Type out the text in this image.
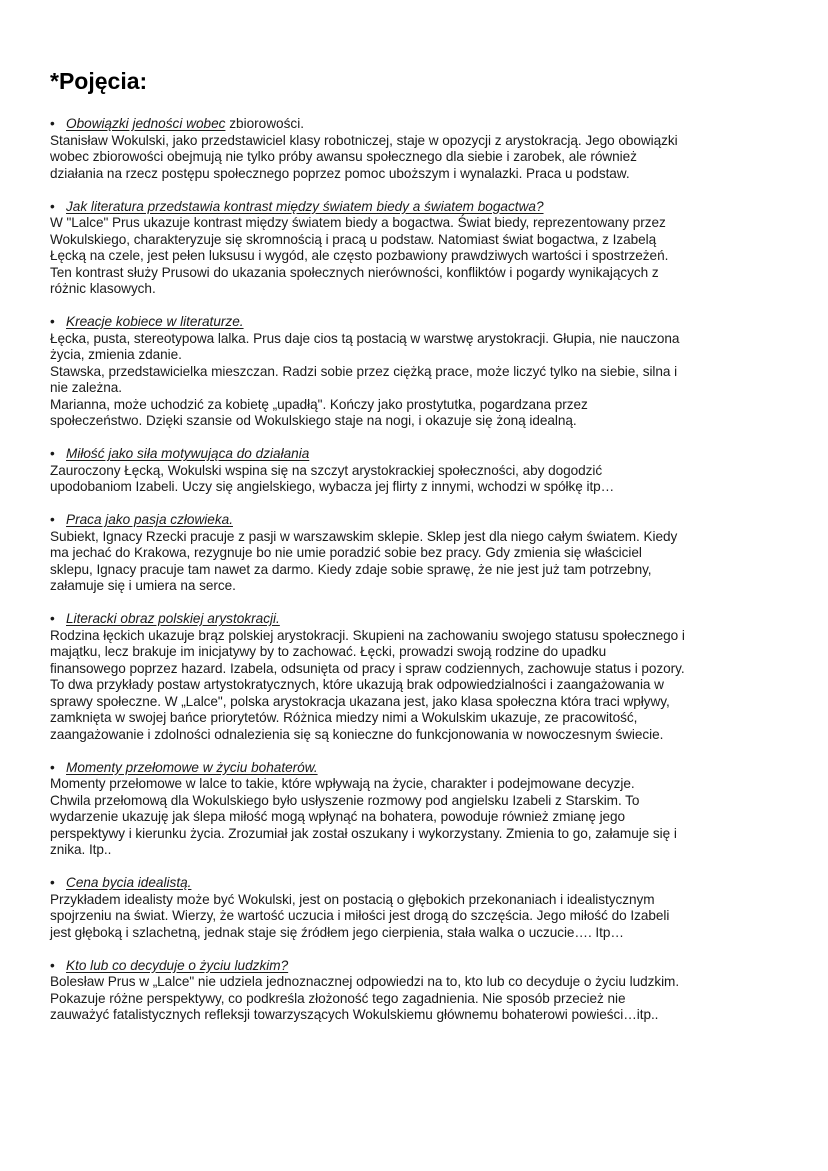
*Pojęcia:
• Obowiązki jedności wobec zbiorowości.

Stanisław Wokulski, jako przedstawiciel klasy robotniczej, staje w opozycji z arystokracją. Jego obowiązki
wobec zbiorowości obejmują nie tylko próby awansu społecznego dla siebie i zarobek, ale również
działania na rzecz postępu społecznego poprzez pomoc uboższym i wynalazki. Praca u podstaw.

• Jak literatura przedstawia kontrast między światem biedy a światem bogactwa?

W "Lalce" Prus ukazuje kontrast między światem biedy a bogactwa. Świat biedy, reprezentowany przez
Wokulskiego, charakteryzuje się skromnością i pracą u podstaw. Natomiast świat bogactwa, z Izabelą
Łęcką na czele, jest pełen luksusu i wygód, ale często pozbawiony prawdziwych wartości i spostrzeżeń.
Ten kontrast służy Prusowi do ukazania społecznych nierówności, konfliktów i pogardy wynikających z
różnic klasowych.

• Kreacje kobiece w literaturze.

Łęcka, pusta, stereotypowa lalka. Prus daje cios tą postacią w warstwę arystokracji. Głupia, nie nauczona
życia, zmienia zdanie.

Stawska, przedstawicielka mieszczan. Radzi sobie przez ciężką prace, może liczyć tylko na siebie, silna i
nie zależna.

Marianna, może uchodzić za kobietę „upadłą". Kończy jako prostytutka, pogardzana przez
społeczeństwo. Dzięki szansie od Wokulskiego staje na nogi, i okazuje się żoną idealną.

• Miłość jako siła motywująca do działania

Zauroczony Łęcką, Wokulski wspina się na szczyt arystokrackiej społeczności, aby dogodzić
upodobaniom Izabeli. Uczy się angielskiego, wybacza jej flirty z innymi, wchodzi w spółkę itp…

• Praca jako pasja człowieka.

Subiekt, Ignacy Rzecki pracuje z pasji w warszawskim sklepie. Sklep jest dla niego całym światem. Kiedy
ma jechać do Krakowa, rezygnuje bo nie umie poradzić sobie bez pracy. Gdy zmienia się właściciel
sklepu, Ignacy pracuje tam nawet za darmo. Kiedy zdaje sobie sprawę, że nie jest już tam potrzebny,
załamuje się i umiera na serce.

• Literacki obraz polskiej arystokracji.

Rodzina łęckich ukazuje brąz polskiej arystokracji. Skupieni na zachowaniu swojego statusu społecznego i
majątku, lecz brakuje im inicjatywy by to zachować. Łęcki, prowadzi swoją rodzine do upadku
finansowego poprzez hazard. Izabela, odsunięta od pracy i spraw codziennych, zachowuje status i pozory.
To dwa przykłady postaw artystokratycznych, które ukazują brak odpowiedzialności i zaangażowania w
sprawy społeczne. W „Lalce", polska arystokracja ukazana jest, jako klasa społeczna która traci wpływy,
zamknięta w swojej bańce priorytetów. Różnica miedzy nimi a Wokulskim ukazuje, ze pracowitość,
zaangażowanie i zdolności odnalezienia się są konieczne do funkcjonowania w nowoczesnym świecie.

• Momenty przełomowe w życiu bohaterów.

Momenty przełomowe w lalce to takie, które wpływają na życie, charakter i podejmowane decyzje.
Chwila przełomową dla Wokulskiego było usłyszenie rozmowy pod angielsku Izabeli z Starskim. To
wydarzenie ukazuję jak ślepa miłość mogą wpłynąć na bohatera, powoduje również zmianę jego
perspektywy i kierunku życia. Zrozumiał jak został oszukany i wykorzystany. Zmienia to go, załamuje się i
znika. Itp..

• Cena bycia idealistą.

Przykładem idealisty może być Wokulski, jest on postacią o głębokich przekonaniach i idealistycznym
spojrzeniu na świat. Wierzy, że wartość uczucia i miłości jest drogą do szczęścia. Jego miłość do Izabeli
jest głęboką i szlachetną, jednak staje się źródłem jego cierpienia, stała walka o uczucie…. Itp…

• Kto lub co decyduje o życiu ludzkim?

Bolesław Prus w „Lalce" nie udziela jednoznacznej odpowiedzi na to, kto lub co decyduje o życiu ludzkim.
Pokazuje różne perspektywy, co podkreśla złożoność tego zagadnienia. Nie sposób przecież nie
zauważyć fatalistycznych refleksji towarzyszących Wokulskiemu głównemu bohaterowi powieści…itp..
